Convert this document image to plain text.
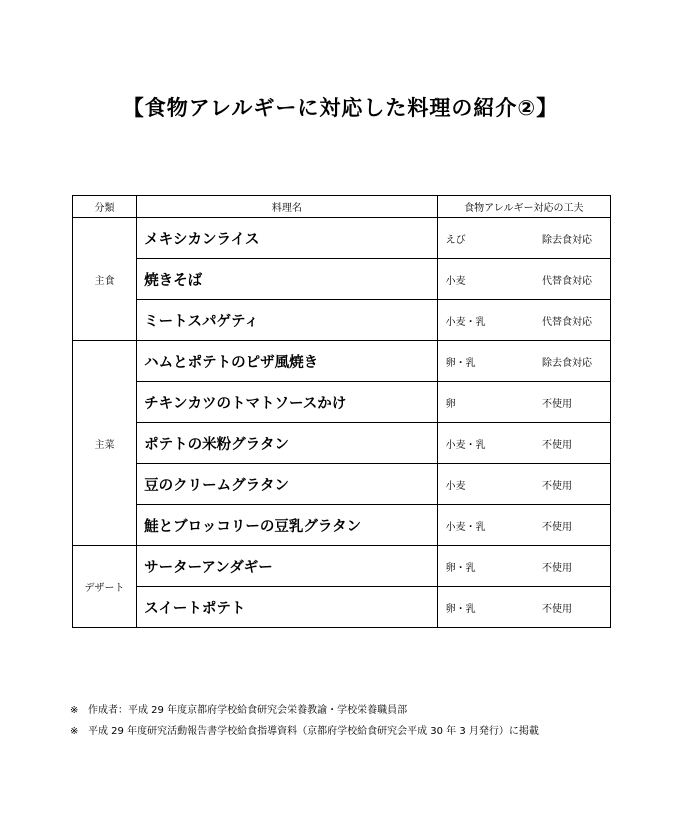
【食物アレルギーに対応した料理の紹介②】
分類	料理名	食物アレルギー対応の工夫
主食	メキシカンライス	えび 除去食対応

	焼きそば	小麦 代替食対応

	ミートスパゲティ	小麦・乳 代替食対応

主菜	ハムとポテトのピザ風焼き	卵・乳 除去食対応

	チキンカツのトマトソースかけ	卵 不使用

	ポテトの米粉グラタン	小麦・乳 不使用

	豆のクリームグラタン	小麦 不使用

	鮭とブロッコリーの豆乳グラタン	小麦・乳 不使用

デザート	サーターアンダギー	卵・乳 不使用

	スイートポテト	卵・乳 不使用
※ 作成者：平成 29 年度京都府学校給食研究会栄養教諭・学校栄養職員部
※ 平成 29 年度研究活動報告書学校給食指導資料（京都府学校給食研究会平成 30 年 3 月発行）に掲載
